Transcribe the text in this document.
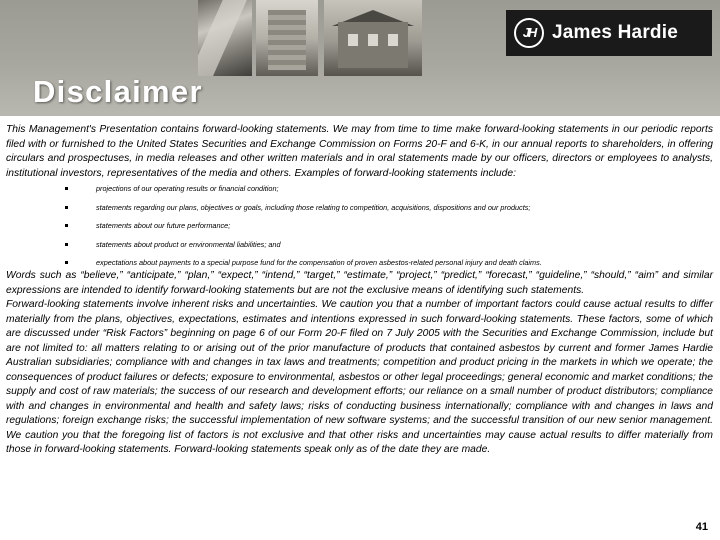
JH James Hardie
Disclaimer

This Management's Presentation contains forward-looking statements. We may from time to time make forward-looking statements in our periodic reports filed with or furnished to the United States Securities and Exchange Commission on Forms 20-F and 6-K, in our annual reports to shareholders, in offering circulars and prospectuses, in media releases and other written materials and in oral statements made by our officers, directors or employees to analysts, institutional investors, representatives of the media and others. Examples of forward-looking statements include:

projections of our operating results or financial condition;
statements regarding our plans, objectives or goals, including those relating to competition, acquisitions, dispositions and our products;
statements about our future performance;
statements about product or environmental liabilities; and
expectations about payments to a special purpose fund for the compensation of proven asbestos-related personal injury and death claims.

Words such as “believe,” “anticipate,” “plan,” “expect,” “intend,” “target,” “estimate,” “project,” “predict,” “forecast,” “guideline,” “should,” “aim” and similar expressions are intended to identify forward-looking statements but are not the exclusive means of identifying such statements.

Forward-looking statements involve inherent risks and uncertainties. We caution you that a number of important factors could cause actual results to differ materially from the plans, objectives, expectations, estimates and intentions expressed in such forward-looking statements. These factors, some of which are discussed under “Risk Factors” beginning on page 6 of our Form 20-F filed on 7 July 2005 with the Securities and Exchange Commission, include but are not limited to: all matters relating to or arising out of the prior manufacture of products that contained asbestos by current and former James Hardie Australian subsidiaries; compliance with and changes in tax laws and treatments; competition and product pricing in the markets in which we operate; the consequences of product failures or defects; exposure to environmental, asbestos or other legal proceedings; general economic and market conditions; the supply and cost of raw materials; the success of our research and development efforts; our reliance on a small number of product distributors; compliance with and changes in environmental and health and safety laws; risks of conducting business internationally; compliance with and changes in laws and regulations; foreign exchange risks; the successful implementation of new software systems; and the successful transition of our new senior management. We caution you that the foregoing list of factors is not exclusive and that other risks and uncertainties may cause actual results to differ materially from those in forward-looking statements. Forward-looking statements speak only as of the date they are made.

41
